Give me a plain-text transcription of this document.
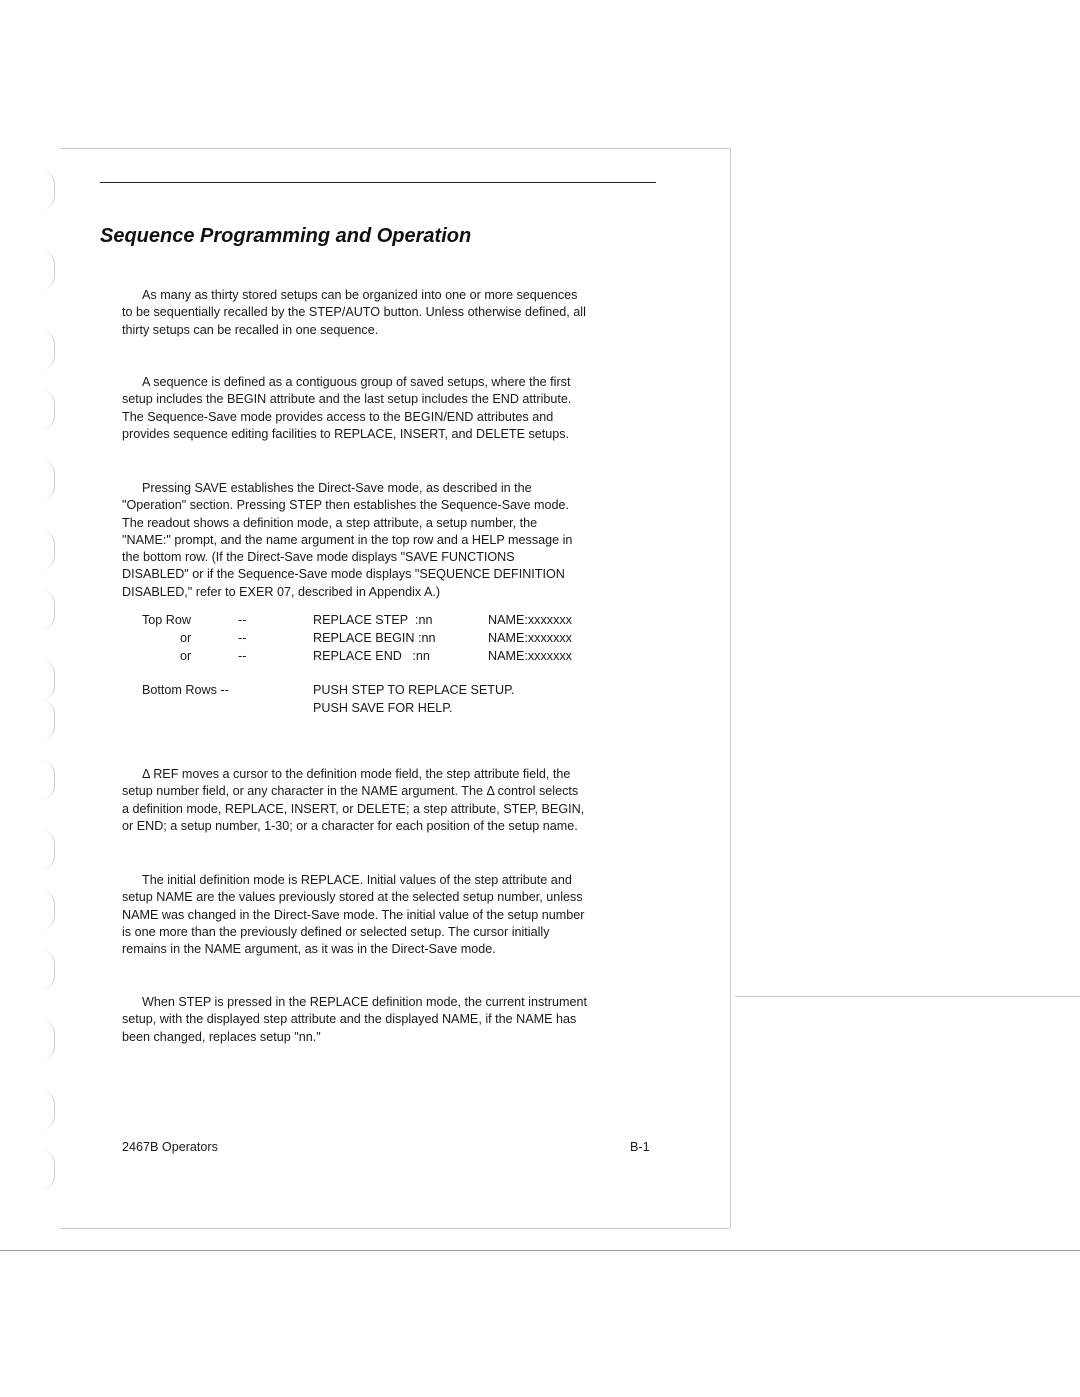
Sequence Programming and Operation
As many as thirty stored setups can be organized into one or more sequences
to be sequentially recalled by the STEP/AUTO button. Unless otherwise defined, all
thirty setups can be recalled in one sequence.
A sequence is defined as a contiguous group of saved setups, where the first
setup includes the BEGIN attribute and the last setup includes the END attribute.
The Sequence-Save mode provides access to the BEGIN/END attributes and
provides sequence editing facilities to REPLACE, INSERT, and DELETE setups.
Pressing SAVE establishes the Direct-Save mode, as described in the
"Operation" section. Pressing STEP then establishes the Sequence-Save mode.
The readout shows a definition mode, a step attribute, a setup number, the
"NAME:" prompt, and the name argument in the top row and a HELP message in
the bottom row. (If the Direct-Save mode displays "SAVE FUNCTIONS
DISABLED" or if the Sequence-Save mode displays "SEQUENCE DEFINITION
DISABLED," refer to EXER 07, described in Appendix A.)
Top Row	--	REPLACE STEP  :nn	NAME:xxxxxxx
or	--	REPLACE BEGIN :nn	NAME:xxxxxxx
or	--	REPLACE END   :nn	NAME:xxxxxxx
Bottom Rows --	PUSH STEP TO REPLACE SETUP.
PUSH SAVE FOR HELP.
Δ REF moves a cursor to the definition mode field, the step attribute field, the
setup number field, or any character in the NAME argument. The Δ control selects
a definition mode, REPLACE, INSERT, or DELETE; a step attribute, STEP, BEGIN,
or END; a setup number, 1-30; or a character for each position of the setup name.
The initial definition mode is REPLACE. Initial values of the step attribute and
setup NAME are the values previously stored at the selected setup number, unless
NAME was changed in the Direct-Save mode. The initial value of the setup number
is one more than the previously defined or selected setup. The cursor initially
remains in the NAME argument, as it was in the Direct-Save mode.
When STEP is pressed in the REPLACE definition mode, the current instrument
setup, with the displayed step attribute and the displayed NAME, if the NAME has
been changed, replaces setup "nn."
2467B Operators	B-1
